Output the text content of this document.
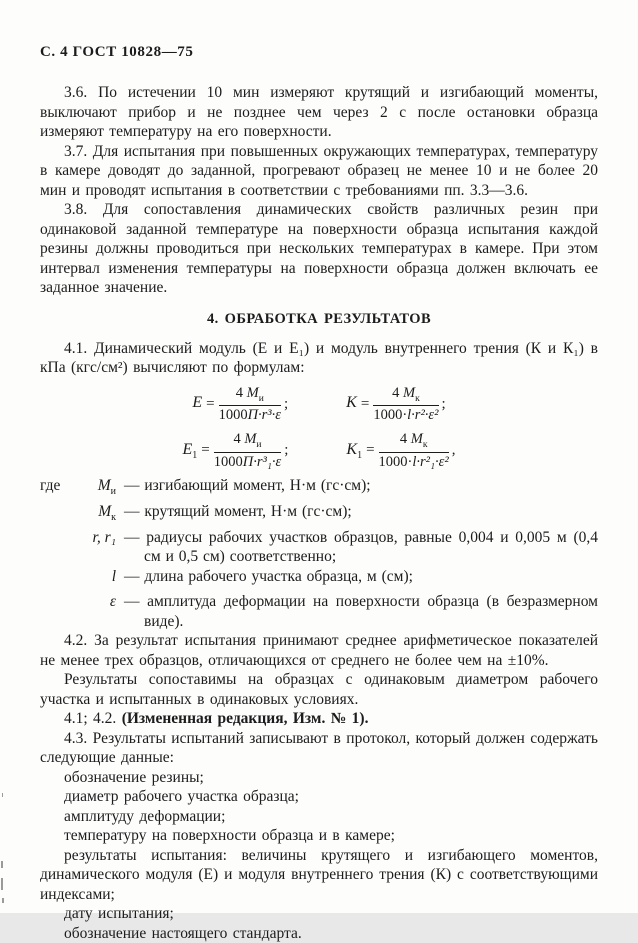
С. 4 ГОСТ 10828—75

3.6. По истечении 10 мин измеряют крутящий и изгибающий моменты, выключают прибор и не позднее чем через 2 с после остановки образца измеряют температуру на его поверхности.

3.7. Для испытания при повышенных окружающих температурах, температуру в камере доводят до заданной, прогревают образец не менее 10 и не более 20 мин и проводят испытания в соответствии с требованиями пп. 3.3—3.6.

3.8. Для сопоставления динамических свойств различных резин при одинаковой заданной температуре на поверхности образца испытания каждой резины должны проводиться при нескольких температурах в камере. При этом интервал изменения температуры на поверхности образца должен включать ее заданное значение.

4. ОБРАБОТКА РЕЗУЛЬТАТОВ

4.1. Динамический модуль (Е и Е₁) и модуль внутреннего трения (К и К₁) в кПа (кгс/см²) вычисляют по формулам:

$E = \frac{4 M_и}{\text{1000П·r³·ε}}$ ;	$K = \frac{4 M_к}{\text{1000·l·r²·ε²}}$ ;
$E_1 = \frac{4 M_и}{\text{1000П·r³₁·ε}}$ ;	$K_1 = \frac{4 M_к}{\text{1000·l·r²₁·ε²}}$ ,
где	$M_и$ — изгибающий момент, Н·м (гс·см);
$M_к$ — крутящий момент, Н·м (гс·см);
r, r₁ — радиусы рабочих участков образцов, равные 0,004 и 0,005 м (0,4 см и 0,5 см) соответственно;
l — длина рабочего участка образца, м (см);
ε — амплитуда деформации на поверхности образца (в безразмерном виде).

4.2. За результат испытания принимают среднее арифметическое показателей не менее трех образцов, отличающихся от среднего не более чем на ±10%.

Результаты сопоставимы на образцах с одинаковым диаметром рабочего участка и испытанных в одинаковых условиях.

4.1; 4.2. (Измененная редакция, Изм. № 1).

4.3. Результаты испытаний записывают в протокол, который должен содержать следующие данные:

обозначение резины;

диаметр рабочего участка образца;

амплитуду деформации;

температуру на поверхности образца и в камере;

результаты испытания: величины крутящего и изгибающего моментов, динамического модуля (Е) и модуля внутреннего трения (К) с соответствующими индексами;

дату испытания;

обозначение настоящего стандарта.
